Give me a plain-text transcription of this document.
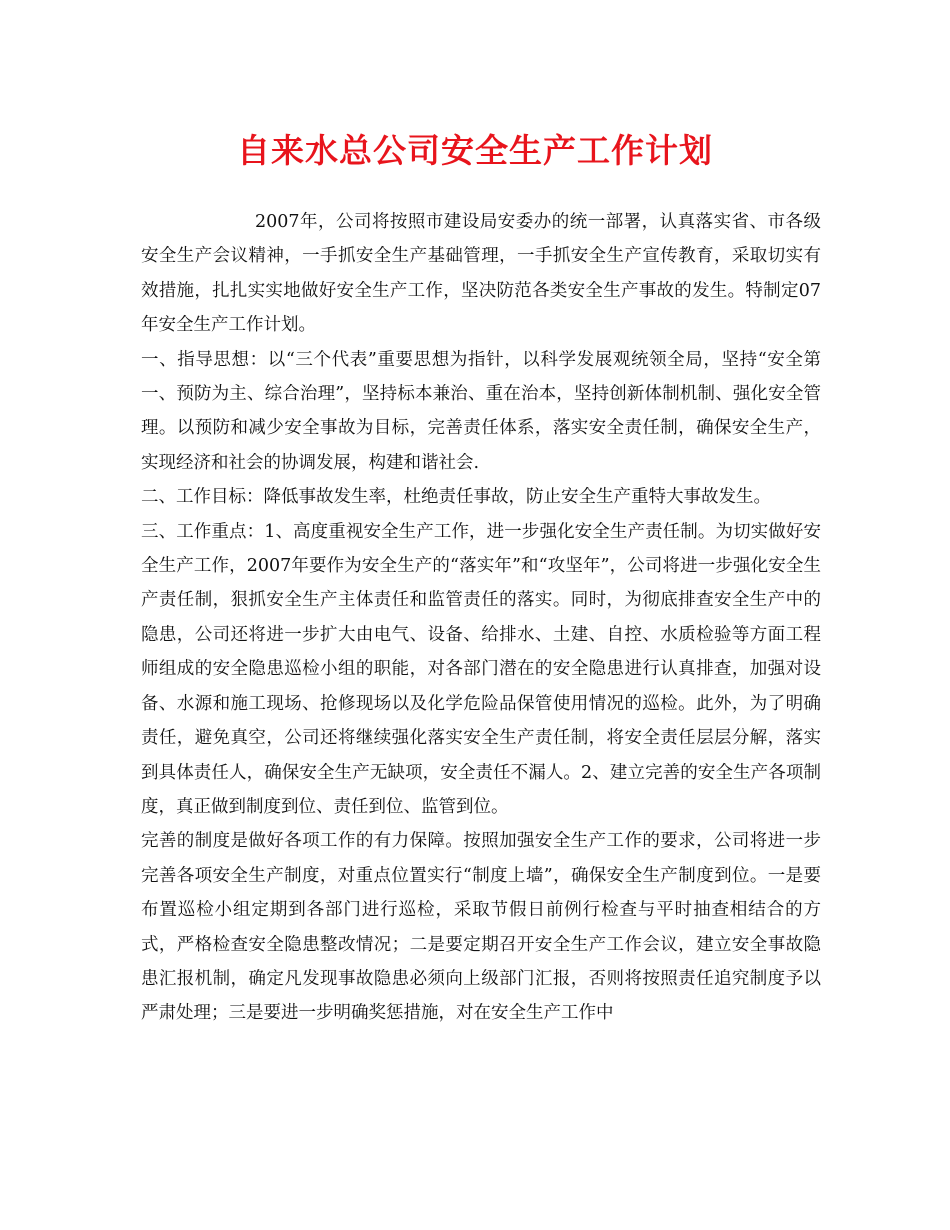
自来水总公司安全生产工作计划

2007年，公司将按照市建设局安委办的统一部署，认真落实省、市各级安全生产会议精神，一手抓安全生产基础管理，一手抓安全生产宣传教育，采取切实有效措施，扎扎实实地做好安全生产工作，坚决防范各类安全生产事故的发生。特制定07年安全生产工作计划。

一、指导思想：以“三个代表”重要思想为指针，以科学发展观统领全局，坚持“安全第一、预防为主、综合治理”，坚持标本兼治、重在治本，坚持创新体制机制、强化安全管理。以预防和减少安全事故为目标，完善责任体系，落实安全责任制，确保安全生产，实现经济和社会的协调发展，构建和谐社会.

二、工作目标：降低事故发生率，杜绝责任事故，防止安全生产重特大事故发生。

三、工作重点：1、高度重视安全生产工作，进一步强化安全生产责任制。为切实做好安全生产工作，2007年要作为安全生产的“落实年”和“攻坚年”，公司将进一步强化安全生产责任制，狠抓安全生产主体责任和监管责任的落实。同时，为彻底排查安全生产中的隐患，公司还将进一步扩大由电气、设备、给排水、土建、自控、水质检验等方面工程师组成的安全隐患巡检小组的职能，对各部门潜在的安全隐患进行认真排查，加强对设备、水源和施工现场、抢修现场以及化学危险品保管使用情况的巡检。此外，为了明确责任，避免真空，公司还将继续强化落实安全生产责任制，将安全责任层层分解，落实到具体责任人，确保安全生产无缺项，安全责任不漏人。2、建立完善的安全生产各项制度，真正做到制度到位、责任到位、监管到位。

完善的制度是做好各项工作的有力保障。按照加强安全生产工作的要求，公司将进一步完善各项安全生产制度，对重点位置实行“制度上墙”，确保安全生产制度到位。一是要布置巡检小组定期到各部门进行巡检，采取节假日前例行检查与平时抽查相结合的方式，严格检查安全隐患整改情况；二是要定期召开安全生产工作会议，建立安全事故隐患汇报机制，确定凡发现事故隐患必须向上级部门汇报，否则将按照责任追究制度予以严肃处理；三是要进一步明确奖惩措施，对在安全生产工作中
